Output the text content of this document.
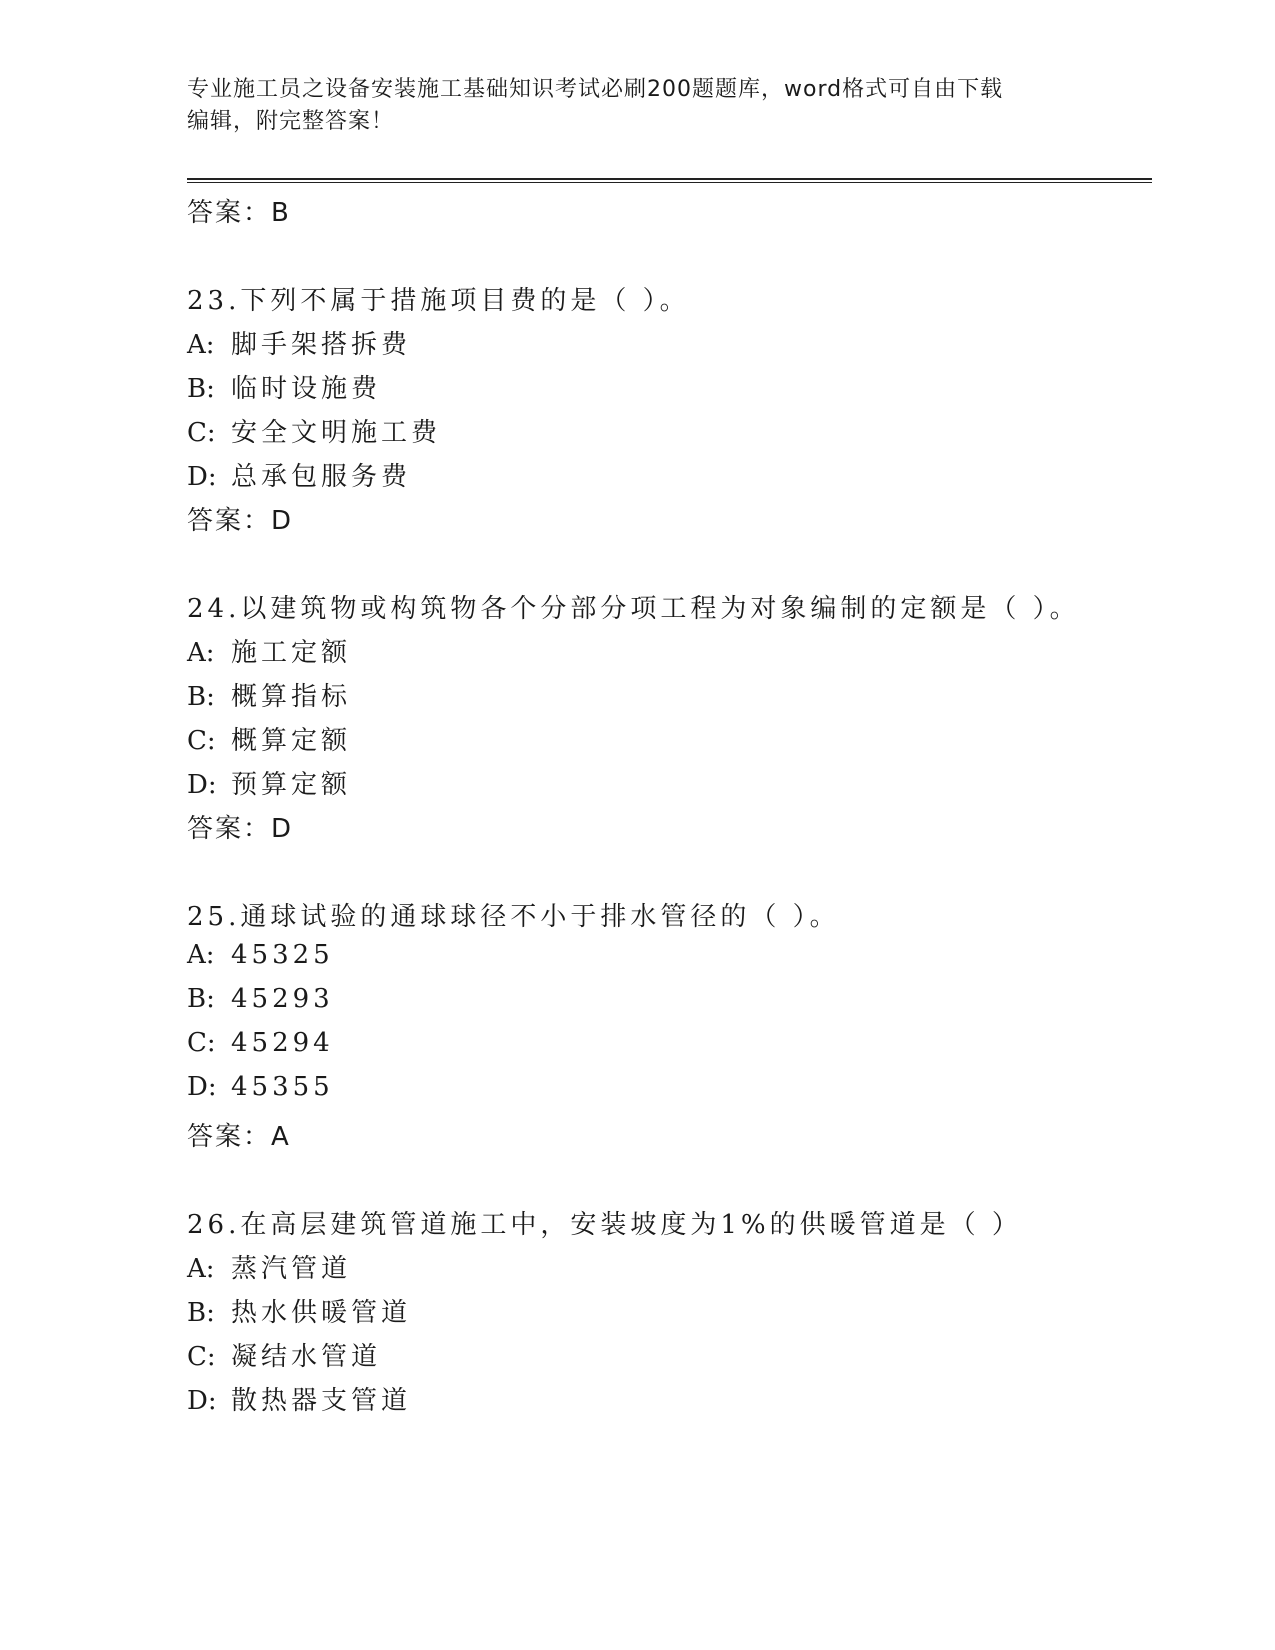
专业施工员之设备安装施工基础知识考试必刷200题题库，word格式可自由下载
编辑，附完整答案！
答案：B
23.下列不属于措施项目费的是（ ）。
A: 脚手架搭拆费
B: 临时设施费
C: 安全文明施工费
D: 总承包服务费
答案：D
24.以建筑物或构筑物各个分部分项工程为对象编制的定额是（ ）。
A: 施工定额
B: 概算指标
C: 概算定额
D: 预算定额
答案：D
25.通球试验的通球球径不小于排水管径的（ ）。
A: 45325
B: 45293
C: 45294
D: 45355
答案：A
26.在高层建筑管道施工中，安装坡度为1%的供暖管道是（ ）
A: 蒸汽管道
B: 热水供暖管道
C: 凝结水管道
D: 散热器支管道
